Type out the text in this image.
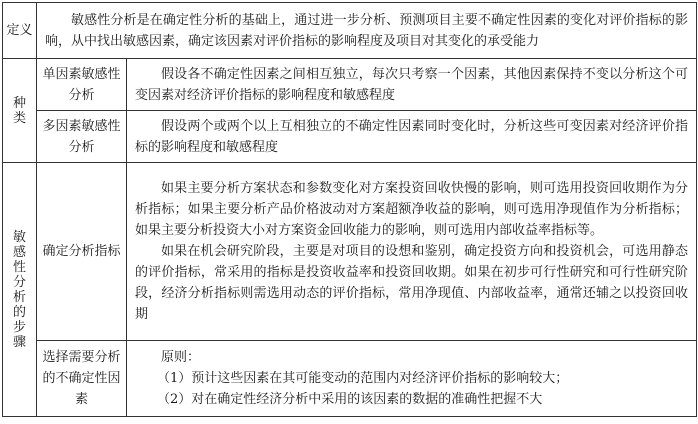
定义	敏感性分析是在确定性分析的基础上，通过进一步分析、预测项目主要不确定性因素的变化对评价指标的影响，从中找出敏感因素，确定该因素对评价指标的影响程度及项目对其变化的承受能力	
种类	单因素敏感性分析	假设各不确定性因素之间相互独立，每次只考察一个因素，其他因素保持不变以分析这个可变因素对经济评价指标的影响程度和敏感程度
	多因素敏感性分析	假设两个或两个以上互相独立的不确定性因素同时变化时，分析这些可变因素对经济评价指标的影响程度和敏感程度
敏感性分析的步骤	确定分析指标	如果主要分析方案状态和参数变化对方案投资回收快慢的影响，则可选用投资回收期作为分析指标；如果主要分析产品价格波动对方案超额净收益的影响，则可选用净现值作为分析指标；如果主要分析投资大小对方案资金回收能力的影响，则可选用内部收益率指标等。

如果在机会研究阶段，主要是对项目的设想和鉴别，确定投资方向和投资机会，可选用静态的评价指标，常采用的指标是投资收益率和投资回收期。如果在初步可行性研究和可行性研究阶段，经济分析指标则需选用动态的评价指标，常用净现值、内部收益率，通常还辅之以投资回收期

	选择需要分析的不确定性因素	原则：

（1）预计这些因素在其可能变动的范围内对经济评价指标的影响较大；

（2）对在确定性经济分析中采用的该因素的数据的准确性把握不大
